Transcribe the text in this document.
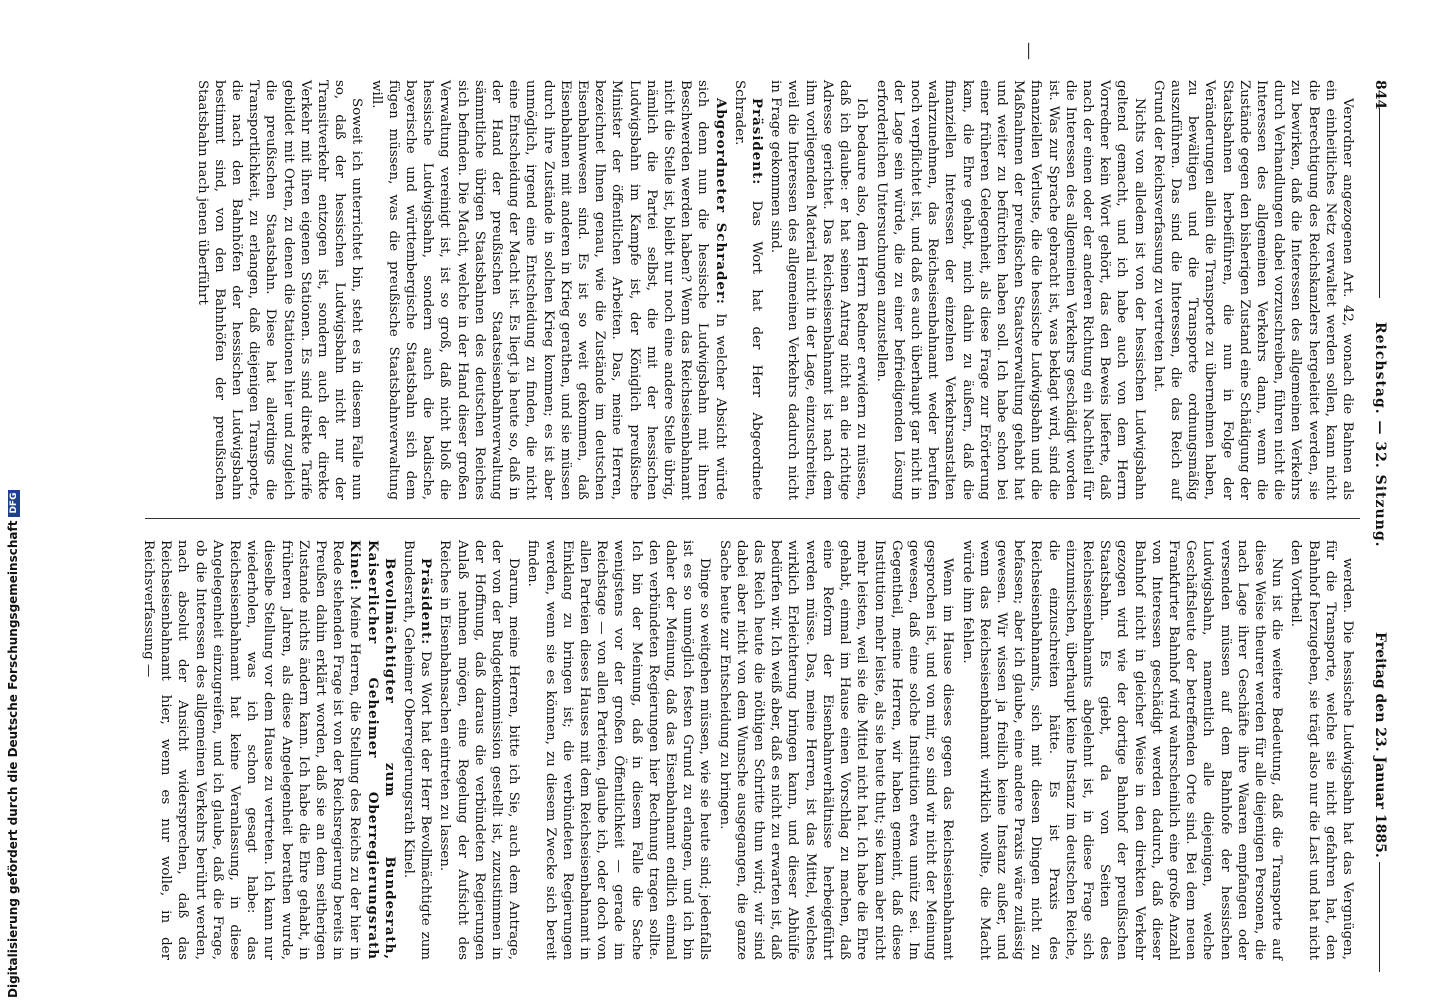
844
Reichstag. — 32. Sitzung.
Freitag den 23. Januar 1885.

Verordner angezogenen Art. 42, wonach die Bahnen als ein einheitliches Netz verwaltet werden sollen, kann nicht die Berechtigung des Reichskanzlers hergeleitet werden, sie zu bewirken, daß die Interessen des allgemeinen Verkehrs durch Verhandlungen dabei vorzuschreiben, führen nicht die Interessen des allgemeinen Verkehrs dann, wenn die Zustände gegen den bisherigen Zustand eine Schädigung der Staatsbahnen herbeiführen, die nun in Folge der Veränderungen allein die Transporte zu übernehmen haben, zu bewältigen und die Transporte ordnungsmäßig auszuführen. Das sind die Interessen, die das Reich auf Grund der Reichsverfassung zu vertreten hat.

Nichts von alledem ist von der hessischen Ludwigsbahn geltend gemacht, und ich habe auch von dem Herrn Vorredner kein Wort gehört, das den Beweis lieferte, daß nach der einen oder der anderen Richtung ein Nachtheil für die Interessen des allgemeinen Verkehrs geschädigt worden ist. Was zur Sprache gebracht ist, was beklagt wird, sind die finanziellen Verluste, die die hessische Ludwigsbahn und die Maßnahmen der preußischen Staatsverwaltung gehabt hat und weiter zu befürchten haben soll. Ich habe schon bei einer früheren Gelegenheit, als diese Frage zur Erörterung kam, die Ehre gehabt, mich dahin zu äußern, daß die finanziellen Interessen der einzelnen Verkehrsanstalten wahrzunehmen, das Reichseisenbahnamt weder berufen noch verpflichtet ist, und daß es auch überhaupt gar nicht in der Lage sein würde, die zu einer befriedigenden Lösung erforderlichen Untersuchungen anzustellen.

Ich bedaure also, dem Herrn Redner erwidern zu müssen, daß ich glaube: er hat seinen Antrag nicht an die richtige Adresse gerichtet. Das Reichseisenbahnamt ist nach dem ihm vorliegenden Material nicht in der Lage, einzuschreiten, weil die Interessen des allgemeinen Verkehrs dadurch nicht in Frage gekommen sind.

Präsident: Das Wort hat der Herr Abgeordnete Schrader.

Abgeordneter Schrader: In welcher Absicht würde sich denn nun die hessische Ludwigsbahn mit ihren Beschwerden werden haben? Wenn das Reichseisenbahnamt nicht die Stelle ist, bleibt nur noch eine andere Stelle übrig, nämlich die Partei selbst, die mit der hessischen Ludwigsbahn im Kampfe ist, der Königlich preußische Minister der öffentlichen Arbeiten. Das, meine Herren, bezeichnet Ihnen genau, wie die Zustände im deutschen Eisenbahnwesen sind. Es ist so weit gekommen, daß Eisenbahnen mit anderen in Krieg gerathen, und sie müssen durch ihre Zustände in solchen Krieg kommen; es ist aber unmöglich, irgend eine Entscheidung zu finden, die nicht eine Entscheidung der Macht ist. Es liegt ja heute so, daß in der Hand der preußischen Staatseisenbahnverwaltung sämmtliche übrigen Staatsbahnen des deutschen Reiches sich befinden. Die Macht, welche in der Hand dieser großen Verwaltung vereinigt ist, ist so groß, daß nicht bloß die hessische Ludwigsbahn, sondern auch die badische, bayerische und württembergische Staatsbahn sich dem fügen müssen, was die preußische Staatsbahnverwaltung will.

Soweit ich unterrichtet bin, steht es in diesem Falle nun so, daß der hessischen Ludwigsbahn nicht nur der Transitverkehr entzogen ist, sondern auch der direkte Verkehr mit ihren eigenen Stationen. Es sind direkte Tarife gebildet mit Orten, zu denen die Stationen hier und zugleich die preußischen Staatsbahn. Diese hat allerdings die Transportlichkeit, zu erlangen, daß diejenigen Transporte, die nach den Bahnhöfen der hessischen Ludwigsbahn bestimmt sind, von den Bahnhöfen der preußischen Staatsbahn nach jenen überführt

werden. Die hessische Ludwigsbahn hat das Vergnügen, für die Transporte, welche sie nicht gefahren hat, den Bahnhof herzugeben, sie trägt also nur die Last und hat nicht den Vortheil.

Nun ist die weitere Bedeutung, daß die Transporte auf diese Weise theurer werden für alle diejenigen Personen, die nach Lage ihrer Geschäfte ihre Waaren empfangen oder versenden müssen auf dem Bahnhofe der hessischen Ludwigsbahn, namentlich alle diejenigen, welche Geschäftsleute der betreffenden Orte sind. Bei dem neuen Frankfurter Bahnhof wird wahrscheinlich eine große Anzahl von Interessen geschädigt werden dadurch, daß dieser Bahnhof nicht in gleicher Weise in den direkten Verkehr gezogen wird wie der dortige Bahnhof der preußischen Staatsbahn. Es giebt, da von Seiten des Reichseisenbahnamts abgelehnt ist, in diese Frage sich einzumischen, überhaupt keine Instanz im deutschen Reiche, die einzuschreiten hätte. Es ist Praxis des Reichseisenbahnamts, sich mit diesen Dingen nicht zu befassen; aber ich glaube, eine andere Praxis wäre zulässig gewesen. Wir wissen ja freilich keine Instanz außer, und wenn das Reichseisenbahnamt wirklich wollte, die Macht würde ihm fehlen.

Wenn im Hause dieses gegen das Reichseisenbahnamt gesprochen ist, und von mir, so sind wir nicht der Meinung gewesen, daß eine solche Institution etwa unnütz sei. Im Gegentheil, meine Herren, wir haben gemeint, daß diese Institution mehr leiste, als sie heute thut; sie kann aber nicht mehr leisten, weil sie die Mittel nicht hat. Ich habe die Ehre gehabt, einmal im Hause einen Vorschlag zu machen, daß eine Reform der Eisenbahnverhältnisse herbeigeführt werden müsse. Das, meine Herren, ist das Mittel, welches wirklich Erleichterung bringen kann, und dieser Abhülfe bedürfen wir. Ich weiß aber, daß es nicht zu erwarten ist, daß das Reich heute die nöthigen Schritte thun wird; wir sind dabei aber nicht von dem Wunsche ausgegangen, die ganze Sache heute zur Entscheidung zu bringen.

Dinge so weitgehen müssen, wie sie heute sind; jedenfalls ist es so unmöglich festen Grund zu erlangen, und ich bin daher der Meinung, daß das Eisenbahnamt endlich einmal den verbündeten Regierungen hier Rechnung tragen sollte. Ich bin der Meinung, daß in diesem Falle die Sache wenigstens vor der großen Öffentlichkeit — gerade im Reichstage — von allen Parteien, glaube ich, oder doch von allen Parteien dieses Hauses mit dem Reichseisenbahnamt in Einklang zu bringen ist; die verbündeten Regierungen werden, wenn sie es können, zu diesem Zwecke sich bereit finden.

Darum, meine Herren, bitte ich Sie, auch dem Antrage, der von der Budgetkommission gestellt ist, zuzustimmen in der Hoffnung, daß daraus die verbündeten Regierungen Anlaß nehmen mögen, eine Regelung der Aufsicht des Reiches in Eisenbahnsachen eintreten zu lassen.

Präsident: Das Wort hat der Herr Bevollmächtigte zum Bundesrath, Geheimer Oberregierungsrath Kinel.

Bevollmächtigter zum Bundesrath, Kaiserlicher Geheimer Oberregierungsrath Kinel: Meine Herren, die Stellung des Reichs zu der hier in Rede stehenden Frage ist von der Reichsregierung bereits in Preußen dahin erklärt worden, daß sie an dem seitherigen Zustande nichts ändern kann. Ich habe die Ehre gehabt, in früheren Jahren, als diese Angelegenheit berathen wurde, dieselbe Stellung vor dem Hause zu vertreten. Ich kann nur wiederholen, was ich schon gesagt habe: das Reichseisenbahnamt hat keine Veranlassung, in diese Angelegenheit einzugreifen, und ich glaube, daß die Frage, ob die Interessen des allgemeinen Verkehrs berührt werden, nach absolut der Ansicht widersprechen, daß das Reichseisenbahnamt hier, wenn es nur wolle, in der Reichsverfassung —

—
Digitalisierung gefördert durch die Deutsche ForschungsgemeinschaftDFG
